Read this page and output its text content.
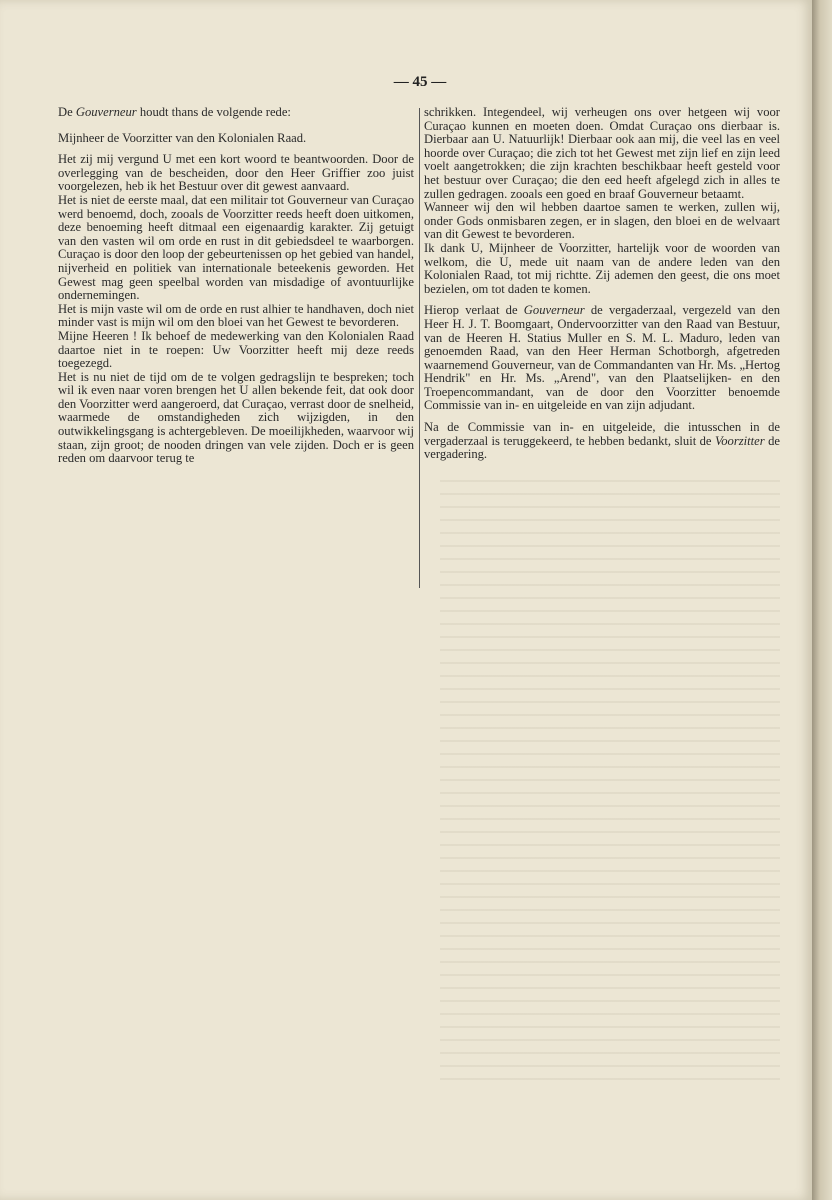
— 45 —

De Gouverneur houdt thans de volgende rede:

Mijnheer de Voorzitter van den Kolonialen Raad.

Het zij mij vergund U met een kort woord te beantwoorden. Door de overlegging van de bescheiden, door den Heer Griffier zoo juist voorgelezen, heb ik het Bestuur over dit gewest aanvaard.

Het is niet de eerste maal, dat een militair tot Gouverneur van Curaçao werd benoemd, doch, zooals de Voorzitter reeds heeft doen uitkomen, deze benoeming heeft ditmaal een eigenaardig karakter. Zij getuigt van den vasten wil om orde en rust in dit gebiedsdeel te waarborgen. Curaçao is door den loop der gebeurtenissen op het gebied van handel, nijverheid en politiek van internationale beteekenis geworden. Het Gewest mag geen speelbal worden van misdadige of avontuurlijke ondernemingen.

Het is mijn vaste wil om de orde en rust alhier te handhaven, doch niet minder vast is mijn wil om den bloei van het Gewest te bevorderen.

Mijne Heeren ! Ik behoef de medewerking van den Kolonialen Raad daartoe niet in te roepen: Uw Voorzitter heeft mij deze reeds toegezegd.

Het is nu niet de tijd om de te volgen gedragslijn te bespreken; toch wil ik even naar voren brengen het U allen bekende feit, dat ook door den Voorzitter werd aangeroerd, dat Curaçao, verrast door de snelheid, waarmede de omstandigheden zich wijzigden, in den outwikkelingsgang is achtergebleven. De moeilijkheden, waarvoor wij staan, zijn groot; de nooden dringen van vele zijden. Doch er is geen reden om daarvoor terug te

schrikken. Integendeel, wij verheugen ons over hetgeen wij voor Curaçao kunnen en moeten doen. Omdat Curaçao ons dierbaar is. Dierbaar aan U. Natuurlijk! Dierbaar ook aan mij, die veel las en veel hoorde over Curaçao; die zich tot het Gewest met zijn lief en zijn leed voelt aangetrokken; die zijn krachten beschikbaar heeft gesteld voor het bestuur over Curaçao; die den eed heeft afgelegd zich in alles te zullen gedragen. zooals een goed en braaf Gouverneur betaamt.

Wanneer wij den wil hebben daartoe samen te werken, zullen wij, onder Gods onmisbaren zegen, er in slagen, den bloei en de welvaart van dit Gewest te bevorderen.

Ik dank U, Mijnheer de Voorzitter, hartelijk voor de woorden van welkom, die U, mede uit naam van de andere leden van den Kolonialen Raad, tot mij richtte. Zij ademen den geest, die ons moet bezielen, om tot daden te komen.

Hierop verlaat de Gouverneur de vergaderzaal, vergezeld van den Heer H. J. T. Boomgaart, Ondervoorzitter van den Raad van Bestuur, van de Heeren H. Statius Muller en S. M. L. Maduro, leden van genoemden Raad, van den Heer Herman Schotborgh, afgetreden waarnemend Gouverneur, van de Commandanten van Hr. Ms. „Hertog Hendrik" en Hr. Ms. „Arend", van den Plaatselijken- en den Troepencommandant, van de door den Voorzitter benoemde Commissie van in- en uitgeleide en van zijn adjudant.

Na de Commissie van in- en uitgeleide, die intusschen in de vergaderzaal is teruggekeerd, te hebben bedankt, sluit de Voorzitter de vergadering.
